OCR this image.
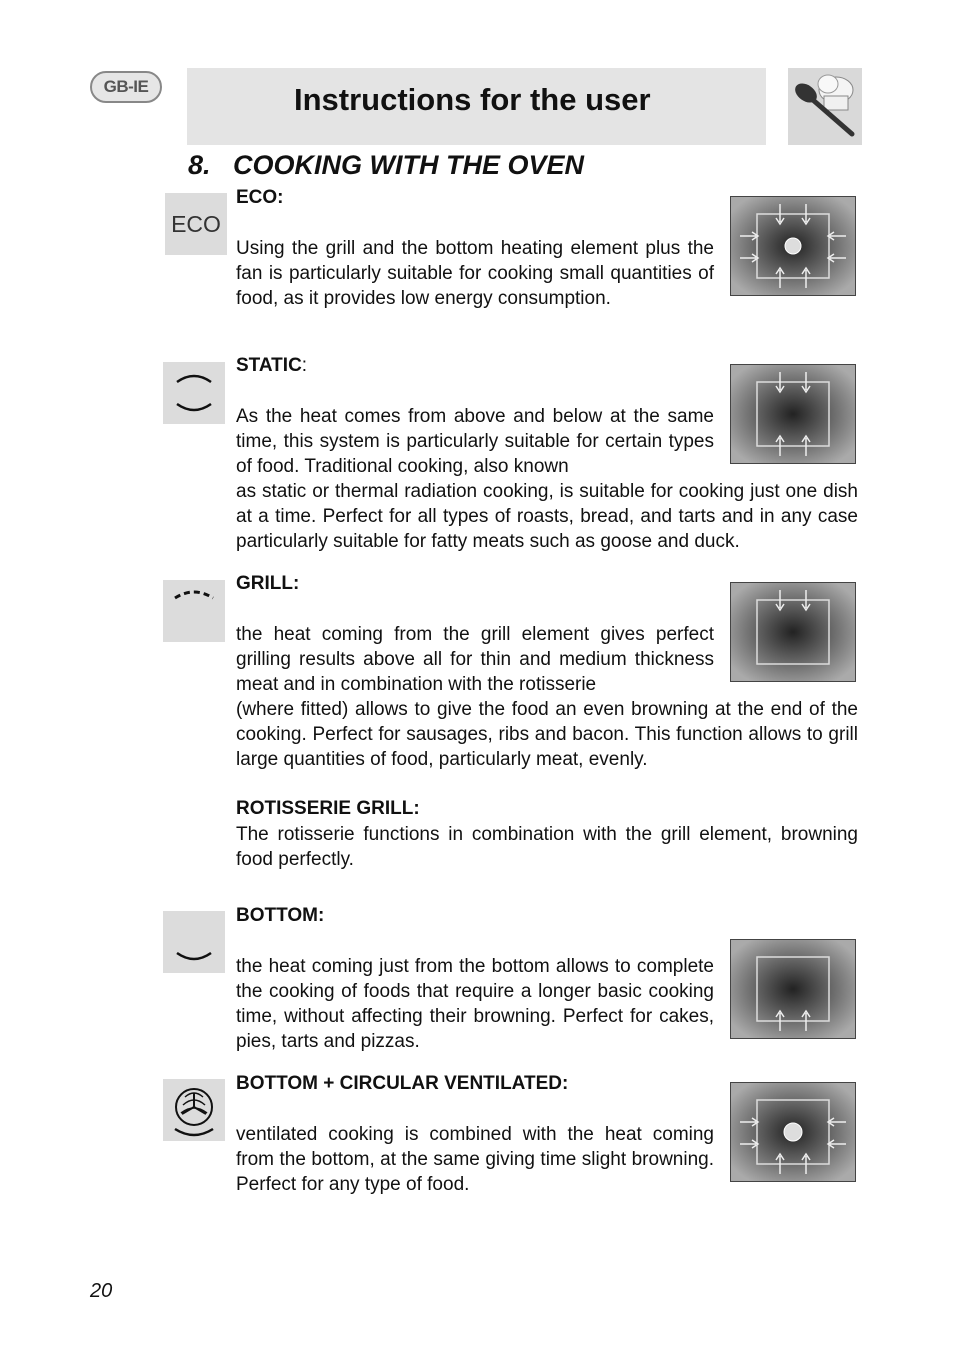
GB-IE	Instructions for the user
8.   COOKING WITH THE OVEN
ECO
ECO:

Using the grill and the bottom heating element plus the fan is particularly suitable for cooking small quantities of food, as it provides low energy consumption.

STATIC:
As the heat comes from above and below at the same time, this system is particularly suitable for certain types of food. Traditional cooking, also known
as static or thermal radiation cooking, is suitable for cooking just one dish at a time. Perfect for all types of roasts, bread, and tarts and in any case particularly suitable for fatty meats such as goose and duck.
GRILL:
the heat coming from the grill element gives perfect grilling results above all for thin and medium thickness meat and in combination with the rotisserie
(where fitted) allows to give the food an even browning at the end of the cooking. Perfect for sausages, ribs and bacon. This function allows to grill large quantities of food, particularly meat, evenly.
ROTISSERIE GRILL:

The rotisserie functions in combination with the grill element, browning food perfectly.

BOTTOM:

the heat coming just from the bottom allows to complete the cooking of foods that require a longer basic cooking time, without affecting their browning. Perfect for cakes, pies, tarts and pizzas.

BOTTOM + CIRCULAR VENTILATED:

ventilated cooking is combined with the heat coming from the bottom, at the same giving time slight browning. Perfect for any type of food.

20
